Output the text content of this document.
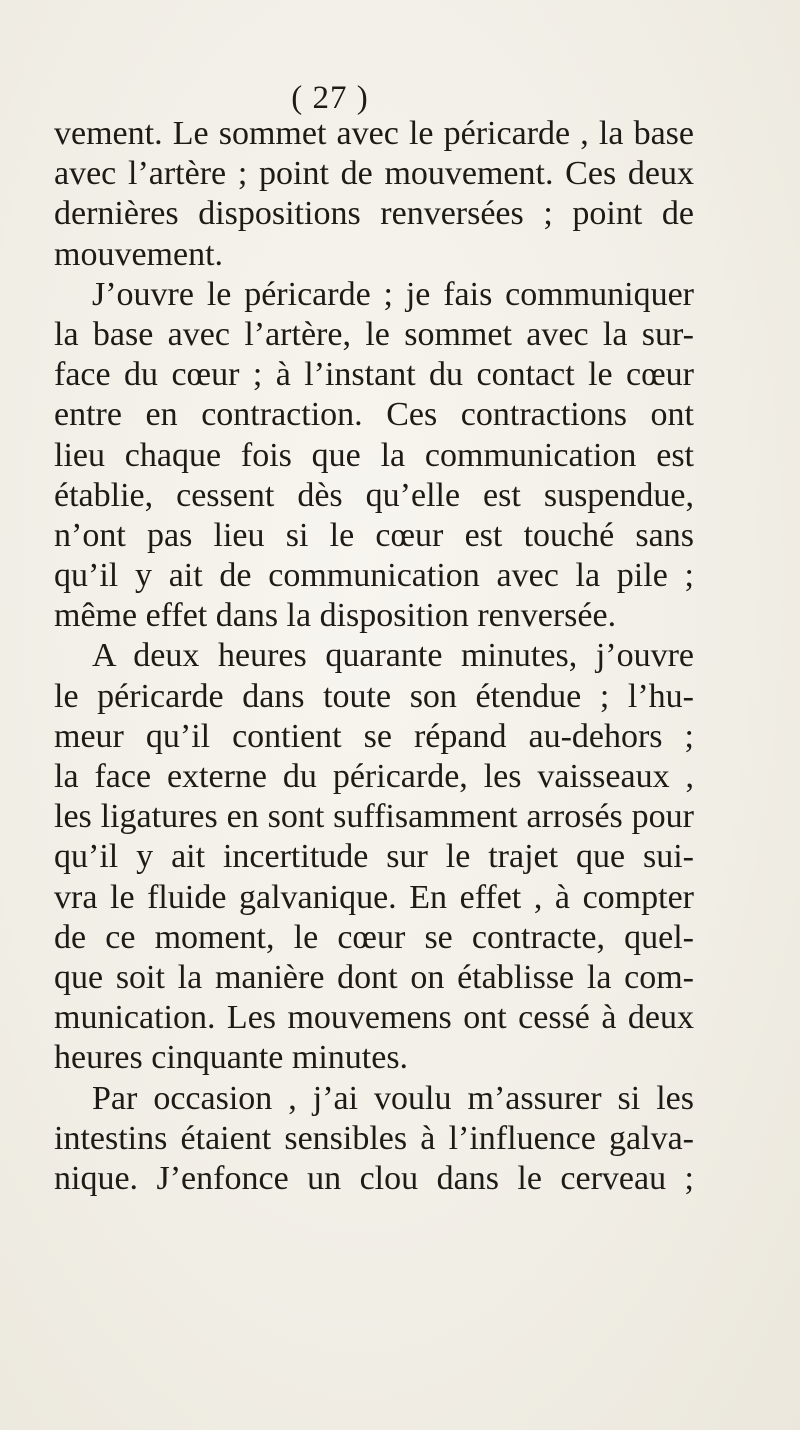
( 27 )
vement. Le sommet avec le péricarde , la base
avec l’artère ; point de mouvement. Ces deux
dernières dispositions renversées ; point de
mouvement.
J’ouvre le péricarde ; je fais communiquer
la base avec l’artère, le sommet avec la sur-
face du cœur ; à l’instant du contact le cœur
entre en contraction. Ces contractions ont
lieu chaque fois que la communication est
établie, cessent dès qu’elle est suspendue,
n’ont pas lieu si le cœur est touché sans
qu’il y ait de communication avec la pile ;
même effet dans la disposition renversée.
A deux heures quarante minutes, j’ouvre
le péricarde dans toute son étendue ; l’hu-
meur qu’il contient se répand au-dehors ;
la face externe du péricarde, les vaisseaux ,
les ligatures en sont suffisamment arrosés pour
qu’il y ait incertitude sur le trajet que sui-
vra le fluide galvanique. En effet , à compter
de ce moment, le cœur se contracte, quel-
que soit la manière dont on établisse la com-
munication. Les mouvemens ont cessé à deux
heures cinquante minutes.
Par occasion , j’ai voulu m’assurer si les
intestins étaient sensibles à l’influence galva-
nique. J’enfonce un clou dans le cerveau ;
